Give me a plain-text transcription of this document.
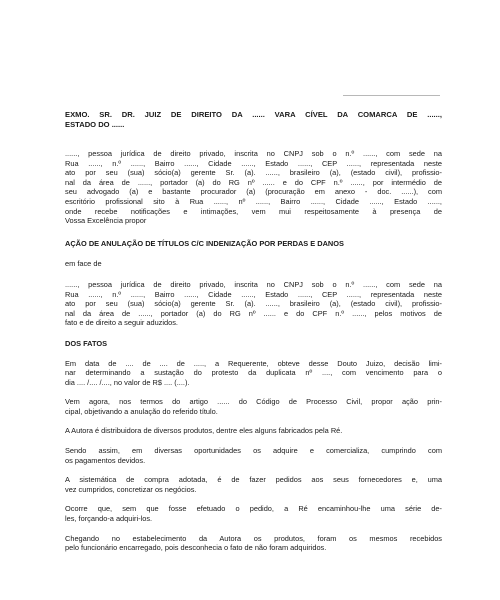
EXMO. SR. DR. JUIZ DE DIREITO DA ...... VARA CÍVEL DA COMARCA DE ......,
ESTADO DO ......

......, pessoa jurídica de direito privado, inscrita no CNPJ sob o n.º ......, com sede na
Rua ......, n.º ......, Bairro ......, Cidade ......, Estado ......, CEP ......, representada neste
ato por seu (sua) sócio(a) gerente Sr. (a). ......, brasileiro (a), (estado civil), profissio-
nal da área de ......, portador (a) do RG nº ...... e do CPF n.º ......, por intermédio de
seu advogado (a) e bastante procurador (a) (procuração em anexo - doc. ......), com
escritório profissional sito à Rua ......, nº ......, Bairro ......, Cidade ......, Estado ......,
onde recebe notificações e intimações, vem mui respeitosamente à presença de
Vossa Excelência propor

AÇÃO DE ANULAÇÃO DE TÍTULOS C/C INDENIZAÇÃO POR PERDAS E DANOS

em face de

......, pessoa jurídica de direito privado, inscrita no CNPJ sob o n.º ......, com sede na
Rua ......, n.º ......, Bairro ......, Cidade ......, Estado ......, CEP ......, representada neste
ato por seu (sua) sócio(a) gerente Sr. (a). ......, brasileiro (a), (estado civil), profissio-
nal da área de ......, portador (a) do RG nº ...... e do CPF n.º ......, pelos motivos de
fato e de direito a seguir aduzidos.

DOS FATOS

Em data de .... de .... de ....., a Requerente, obteve desse Douto Juizo, decisão limi-
nar determinando a sustação do protesto da duplicata nº ...., com vencimento para o
dia .... /.... /...., no valor de R$ .... (....).

Vem agora, nos termos do artigo ...... do Código de Processo Civil, propor ação prin-
cipal, objetivando a anulação do referido título.

A Autora é distribuidora de diversos produtos, dentre eles alguns fabricados pela Ré.

Sendo assim, em diversas oportunidades os adquire e comercializa, cumprindo com
os pagamentos devidos.

A sistemática de compra adotada, é de fazer pedidos aos seus fornecedores e, uma
vez cumpridos, concretizar os negócios.

Ocorre que, sem que fosse efetuado o pedido, a Ré encaminhou-lhe uma série de-
les, forçando-a adquiri-los.

Chegando no estabelecimento da Autora os produtos, foram os mesmos recebidos
pelo funcionário encarregado, pois desconhecia o fato de não foram adquiridos.
